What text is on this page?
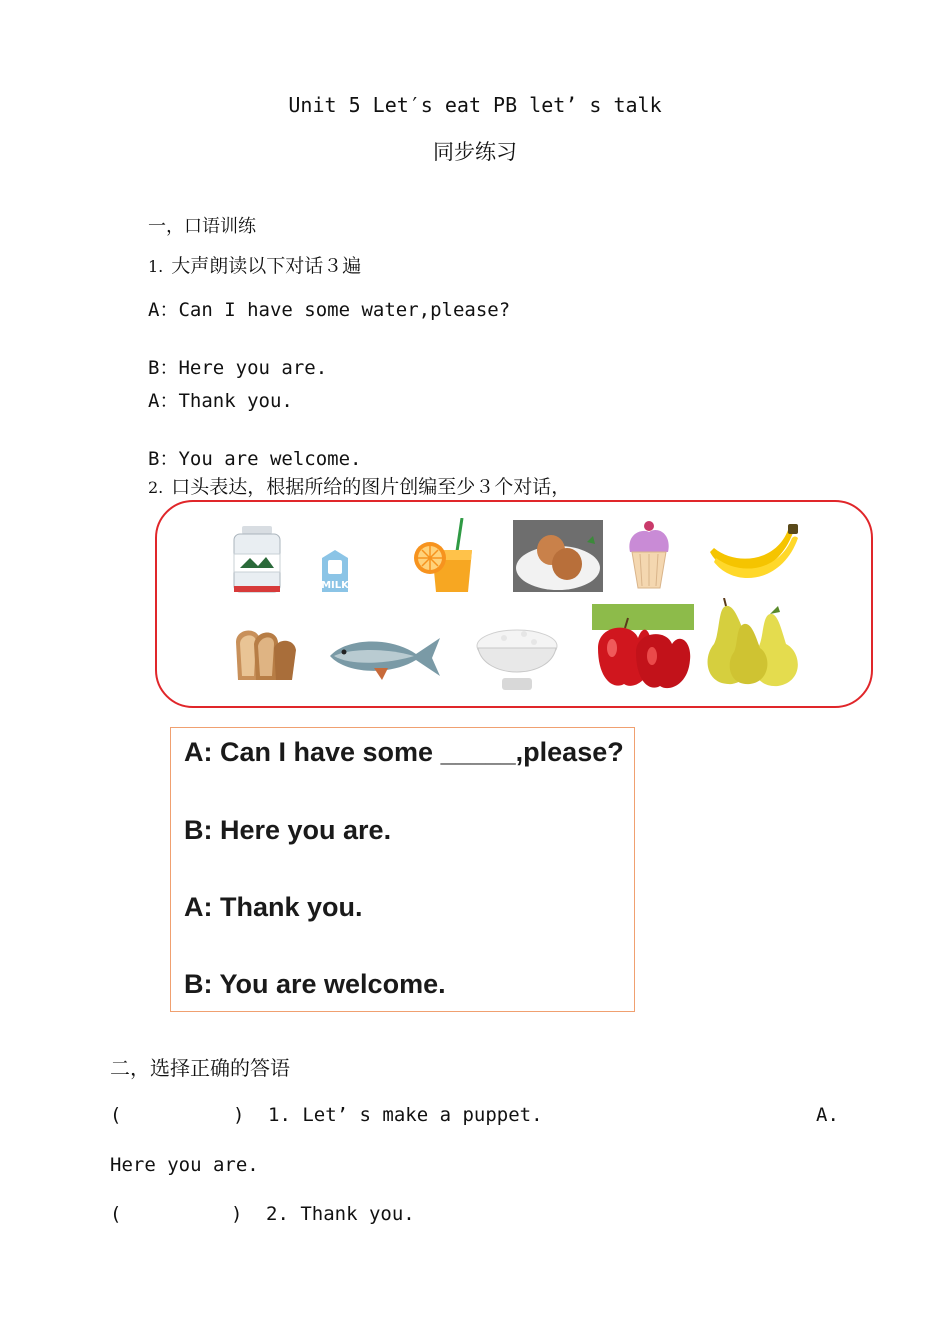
Unit 5 Let′s eat PB let’ s talk
同步练习
一，口语训练
1. 大声朗读以下对话３遍
A：Can I have some water,please?
B：Here you are.
A：Thank you.
B：You are welcome.
2. 口头表达，根据所给的图片创编至少３个对话，
MILK
A: Can I have some _____,please?
B: Here you are.
A: Thank you.
B: You are welcome.
二，选择正确的答语
(	) 1. Let’ s make a puppet.	A.
Here you are.
(	) 2. Thank you.
